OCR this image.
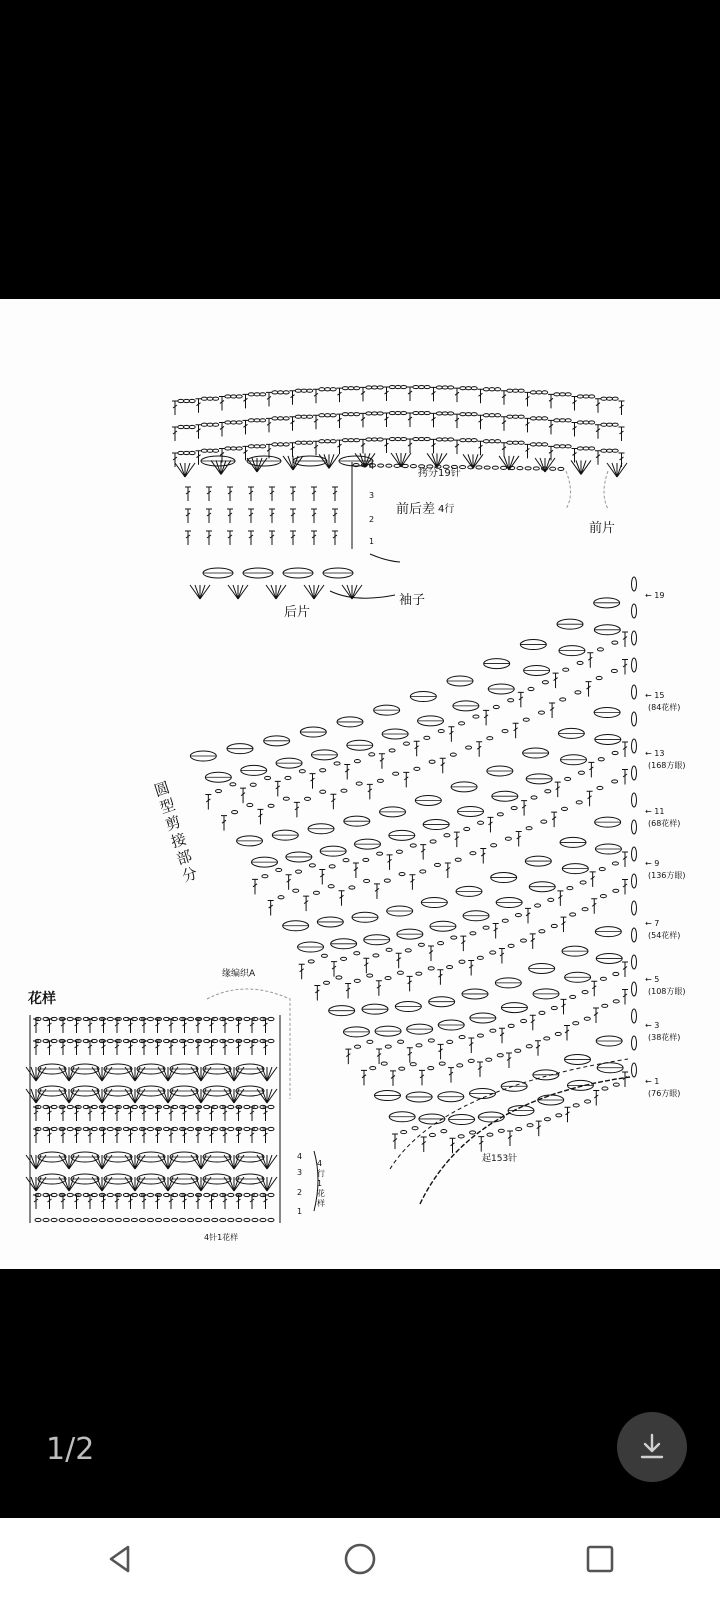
拷分19针
前后差 4行
前片
后片
袖子
4
3
2
1
圆型剪接部分
← 19
← 15
(84花样)
← 13
(168方眼)
← 11
(68花样)
← 9
(136方眼)
← 7
(54花样)
← 5
(108方眼)
← 3
(38花样)
← 1
(76方眼)
起153针
花样
缘编织A
4行1花样
4
3
2
1
4针1花样
1/2
